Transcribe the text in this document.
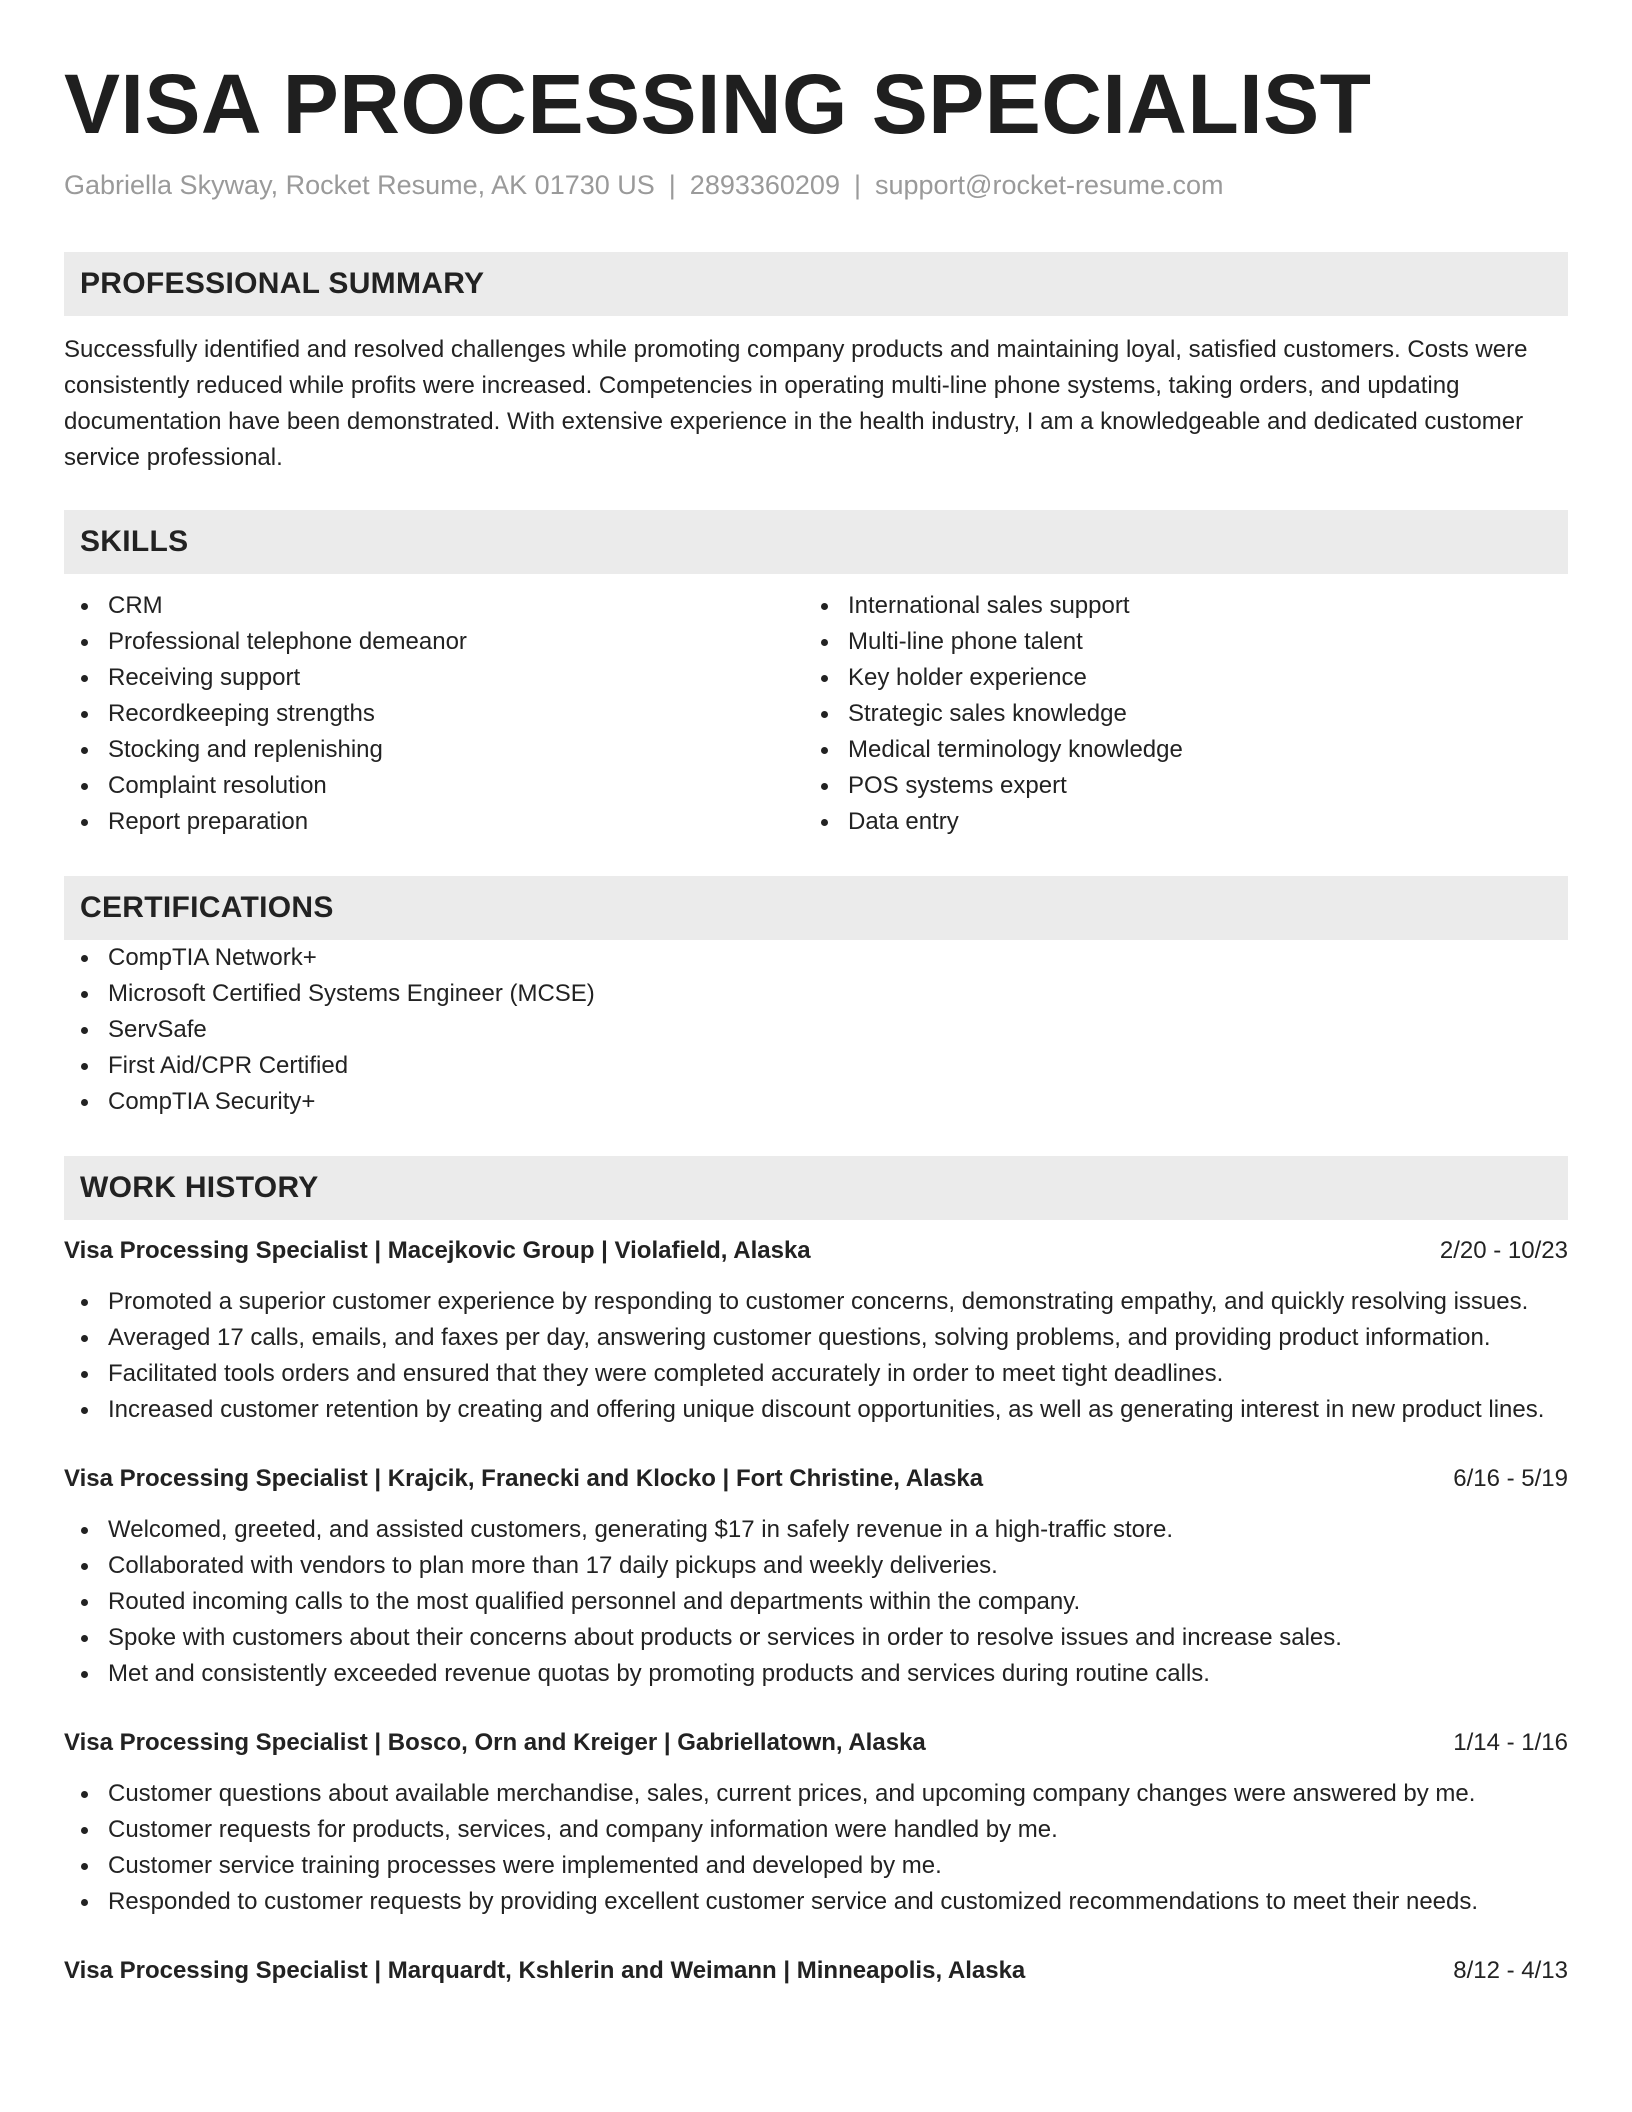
VISA PROCESSING SPECIALIST
Gabriella Skyway, Rocket Resume, AK 01730 US | 2893360209 | support@rocket-resume.com
PROFESSIONAL SUMMARY

Successfully identified and resolved challenges while promoting company products and maintaining loyal, satisfied customers. Costs were consistently reduced while profits were increased. Competencies in operating multi-line phone systems, taking orders, and updating documentation have been demonstrated. With extensive experience in the health industry, I am a knowledgeable and dedicated customer service professional.

SKILLS
CRM
Professional telephone demeanor
Receiving support
Recordkeeping strengths
Stocking and replenishing
Complaint resolution
Report preparation
International sales support
Multi-line phone talent
Key holder experience
Strategic sales knowledge
Medical terminology knowledge
POS systems expert
Data entry
CERTIFICATIONS
CompTIA Network+
Microsoft Certified Systems Engineer (MCSE)
ServSafe
First Aid/CPR Certified
CompTIA Security+
WORK HISTORY
Visa Processing Specialist | Macejkovic Group | Violafield, Alaska	2/20 - 10/23
Promoted a superior customer experience by responding to customer concerns, demonstrating empathy, and quickly resolving issues.
Averaged 17 calls, emails, and faxes per day, answering customer questions, solving problems, and providing product information.
Facilitated tools orders and ensured that they were completed accurately in order to meet tight deadlines.
Increased customer retention by creating and offering unique discount opportunities, as well as generating interest in new product lines.
Visa Processing Specialist | Krajcik, Franecki and Klocko | Fort Christine, Alaska	6/16 - 5/19
Welcomed, greeted, and assisted customers, generating $17 in safely revenue in a high-traffic store.
Collaborated with vendors to plan more than 17 daily pickups and weekly deliveries.
Routed incoming calls to the most qualified personnel and departments within the company.
Spoke with customers about their concerns about products or services in order to resolve issues and increase sales.
Met and consistently exceeded revenue quotas by promoting products and services during routine calls.
Visa Processing Specialist | Bosco, Orn and Kreiger | Gabriellatown, Alaska	1/14 - 1/16
Customer questions about available merchandise, sales, current prices, and upcoming company changes were answered by me.
Customer requests for products, services, and company information were handled by me.
Customer service training processes were implemented and developed by me.
Responded to customer requests by providing excellent customer service and customized recommendations to meet their needs.
Visa Processing Specialist | Marquardt, Kshlerin and Weimann | Minneapolis, Alaska	8/12 - 4/13
